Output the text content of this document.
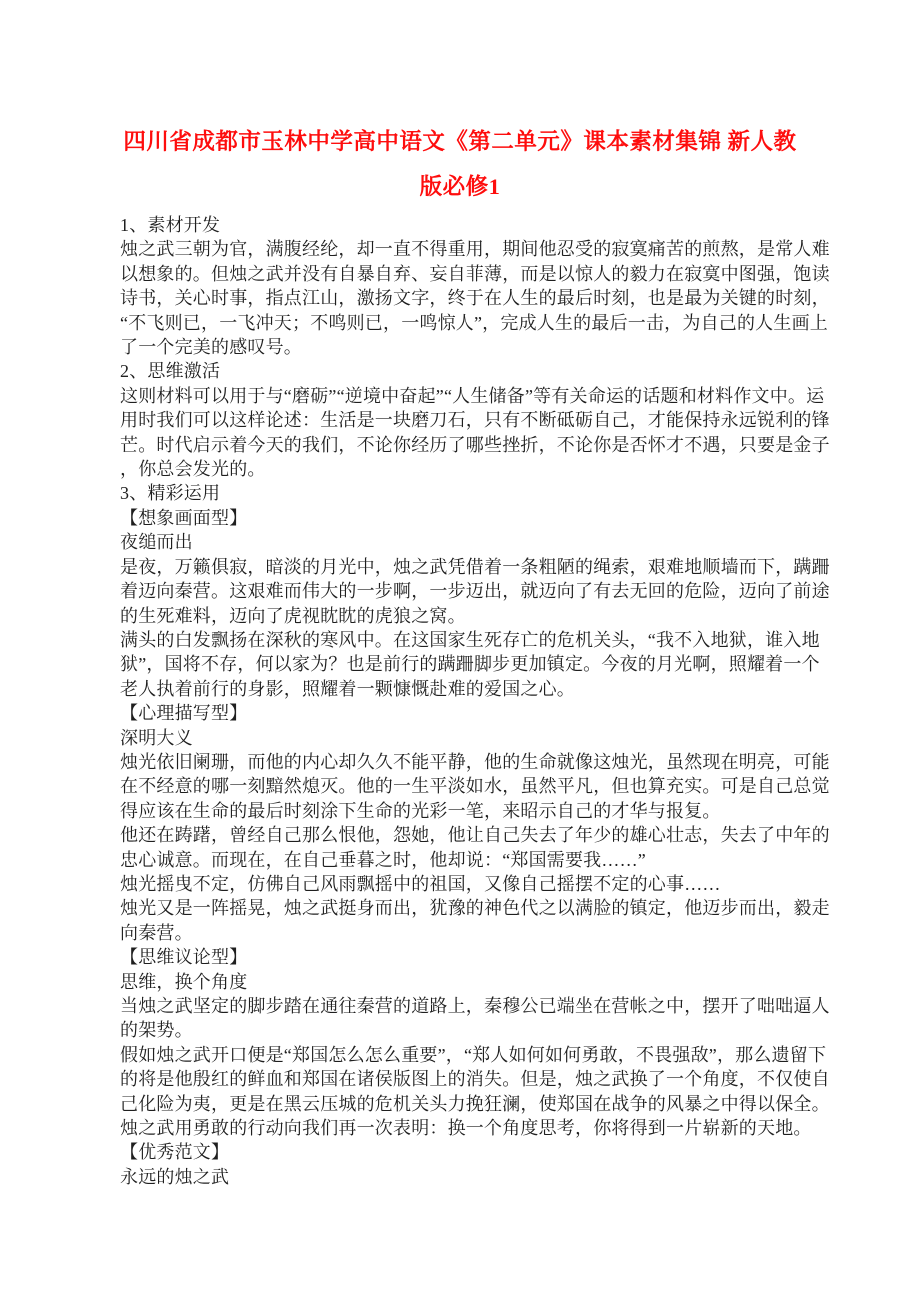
四川省成都市玉林中学高中语文《第二单元》课本素材集锦 新人教
版必修1

1、素材开发

烛之武三朝为官，满腹经纶，却一直不得重用，期间他忍受的寂寞痛苦的煎熬，是常人难以想象的。但烛之武并没有自暴自弃、妄自菲薄，而是以惊人的毅力在寂寞中图强，饱读诗书，关心时事，指点江山，激扬文字，终于在人生的最后时刻，也是最为关键的时刻，“不飞则已，一飞冲天；不鸣则已，一鸣惊人”，完成人生的最后一击，为自己的人生画上了一个完美的感叹号。

2、思维激活

这则材料可以用于与“磨砺”“逆境中奋起”“人生储备”等有关命运的话题和材料作文中。运用时我们可以这样论述：生活是一块磨刀石，只有不断砥砺自己，才能保持永远锐利的锋芒。时代启示着今天的我们，不论你经历了哪些挫折，不论你是否怀才不遇，只要是金子，你总会发光的。

3、精彩运用

【想象画面型】

夜缒而出

是夜，万籁俱寂，暗淡的月光中，烛之武凭借着一条粗陋的绳索，艰难地顺墙而下，蹒跚着迈向秦营。这艰难而伟大的一步啊，一步迈出，就迈向了有去无回的危险，迈向了前途的生死难料，迈向了虎视眈眈的虎狼之窝。

满头的白发飘扬在深秋的寒风中。在这国家生死存亡的危机关头，“我不入地狱，谁入地狱”，国将不存，何以家为？也是前行的蹒跚脚步更加镇定。今夜的月光啊，照耀着一个老人执着前行的身影，照耀着一颗慷慨赴难的爱国之心。

【心理描写型】

深明大义

烛光依旧阑珊，而他的内心却久久不能平静，他的生命就像这烛光，虽然现在明亮，可能在不经意的哪一刻黯然熄灭。他的一生平淡如水，虽然平凡，但也算充实。可是自己总觉得应该在生命的最后时刻涂下生命的光彩一笔，来昭示自己的才华与报复。

他还在踌躇，曾经自己那么恨他，怨她，他让自己失去了年少的雄心壮志，失去了中年的忠心诚意。而现在，在自己垂暮之时，他却说：“郑国需要我……”

烛光摇曳不定，仿佛自己风雨飘摇中的祖国，又像自己摇摆不定的心事……

烛光又是一阵摇晃，烛之武挺身而出，犹豫的神色代之以满脸的镇定，他迈步而出，毅走向秦营。

【思维议论型】

思维，换个角度

当烛之武坚定的脚步踏在通往秦营的道路上，秦穆公已端坐在营帐之中，摆开了咄咄逼人的架势。

假如烛之武开口便是“郑国怎么怎么重要”，“郑人如何如何勇敢，不畏强敌”，那么遗留下的将是他殷红的鲜血和郑国在诸侯版图上的消失。但是，烛之武换了一个角度，不仅使自己化险为夷，更是在黑云压城的危机关头力挽狂澜，使郑国在战争的风暴之中得以保全。

烛之武用勇敢的行动向我们再一次表明：换一个角度思考，你将得到一片崭新的天地。

【优秀范文】

永远的烛之武
